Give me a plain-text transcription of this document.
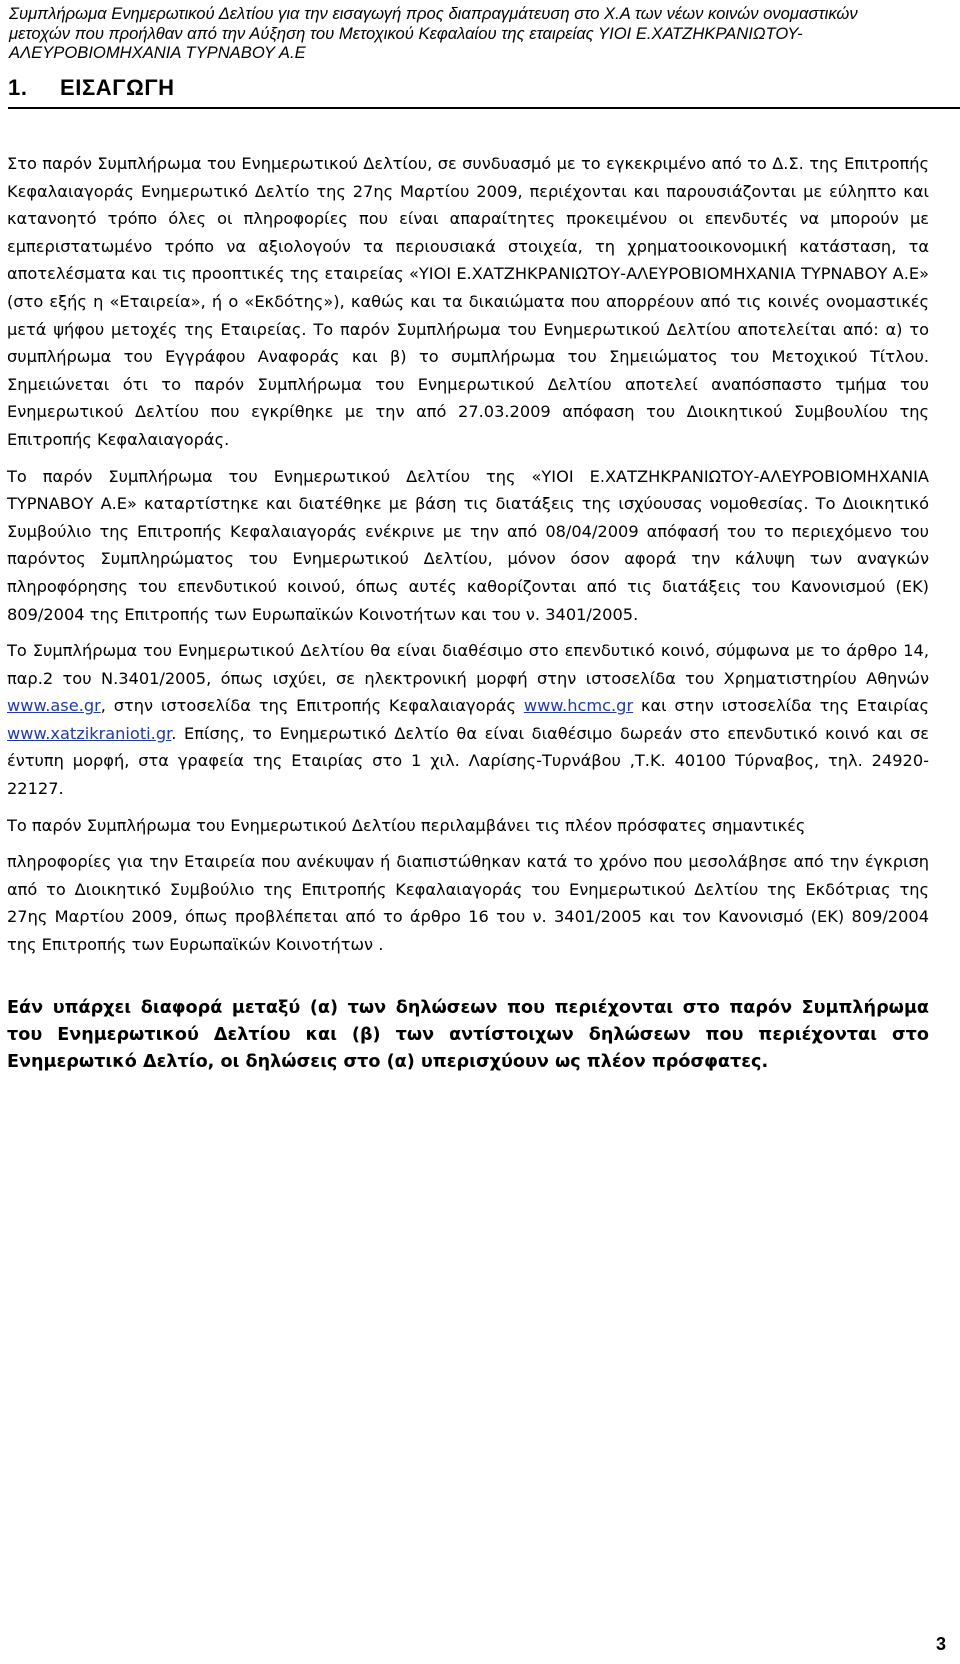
Συμπλήρωμα Ενημερωτικού Δελτίου για την εισαγωγή προς διαπραγμάτευση στο Χ.Α των νέων κοινών ονομαστικών μετοχών που προήλθαν από την Αύξηση του Μετοχικού Κεφαλαίου της εταιρείας ΥΙΟΙ Ε.ΧΑΤΖΗΚΡΑΝΙΩΤΟΥ-ΑΛΕΥΡΟΒΙΟΜΗΧΑΝΙΑ ΤΥΡΝΑΒΟΥ Α.Ε
1. ΕΙΣΑΓΩΓΗ

Στο παρόν Συμπλήρωμα του Ενημερωτικού Δελτίου, σε συνδυασμό με το εγκεκριμένο από το Δ.Σ. της Επιτροπής Κεφαλαιαγοράς Ενημερωτικό Δελτίο της 27ης Μαρτίου 2009, περιέχονται και παρουσιάζονται με εύληπτο και κατανοητό τρόπο όλες οι πληροφορίες που είναι απαραίτητες προκειμένου οι επενδυτές να μπορούν με εμπεριστατωμένο τρόπο να αξιολογούν τα περιουσιακά στοιχεία, τη χρηματοοικονομική κατάσταση, τα αποτελέσματα και τις προοπτικές της εταιρείας «ΥΙΟΙ Ε.ΧΑΤΖΗΚΡΑΝΙΩΤΟΥ-ΑΛΕΥΡΟΒΙΟΜΗΧΑΝΙΑ ΤΥΡΝΑΒΟΥ Α.Ε» (στο εξής η «Εταιρεία», ή ο «Εκδότης»), καθώς και τα δικαιώματα που απορρέουν από τις κοινές ονομαστικές μετά ψήφου μετοχές της Εταιρείας. Το παρόν Συμπλήρωμα του Ενημερωτικού Δελτίου αποτελείται από: α) το συμπλήρωμα του Εγγράφου Αναφοράς και β) το συμπλήρωμα του Σημειώματος του Μετοχικού Τίτλου. Σημειώνεται ότι το παρόν Συμπλήρωμα του Ενημερωτικού Δελτίου αποτελεί αναπόσπαστο τμήμα του Ενημερωτικού Δελτίου που εγκρίθηκε με την από 27.03.2009 απόφαση του Διοικητικού Συμβουλίου της Επιτροπής Κεφαλαιαγοράς.

Το παρόν Συμπλήρωμα του Ενημερωτικού Δελτίου της «ΥΙΟΙ Ε.ΧΑΤΖΗΚΡΑΝΙΩΤΟΥ-ΑΛΕΥΡΟΒΙΟΜΗΧΑΝΙΑ ΤΥΡΝΑΒΟΥ Α.Ε» καταρτίστηκε και διατέθηκε με βάση τις διατάξεις της ισχύουσας νομοθεσίας. Το Διοικητικό Συμβούλιο της Επιτροπής Κεφαλαιαγοράς ενέκρινε με την από 08/04/2009 απόφασή του το περιεχόμενο του παρόντος Συμπληρώματος του Ενημερωτικού Δελτίου, μόνον όσον αφορά την κάλυψη των αναγκών πληροφόρησης του επενδυτικού κοινού, όπως αυτές καθορίζονται από τις διατάξεις του Κανονισμού (ΕΚ) 809/2004 της Επιτροπής των Ευρωπαϊκών Κοινοτήτων και του ν. 3401/2005.

Το Συμπλήρωμα του Ενημερωτικού Δελτίου θα είναι διαθέσιμο στο επενδυτικό κοινό, σύμφωνα με το άρθρο 14, παρ.2 του Ν.3401/2005, όπως ισχύει, σε ηλεκτρονική μορφή στην ιστοσελίδα του Χρηματιστηρίου Αθηνών www.ase.gr, στην ιστοσελίδα της Επιτροπής Κεφαλαιαγοράς www.hcmc.gr και στην ιστοσελίδα της Εταιρίας www.xatzikranioti.gr. Επίσης, το Ενημερωτικό Δελτίο θα είναι διαθέσιμο δωρεάν στο επενδυτικό κοινό και σε έντυπη μορφή, στα γραφεία της Εταιρίας στο 1 χιλ. Λαρίσης-Τυρνάβου ,Τ.Κ. 40100 Τύρναβος, τηλ. 24920-22127.

Το παρόν Συμπλήρωμα του Ενημερωτικού Δελτίου περιλαμβάνει τις πλέον πρόσφατες σημαντικές

πληροφορίες για την Εταιρεία που ανέκυψαν ή διαπιστώθηκαν κατά το χρόνο που μεσολάβησε από την έγκριση από το Διοικητικό Συμβούλιο της Επιτροπής Κεφαλαιαγοράς του Ενημερωτικού Δελτίου της Εκδότριας της 27ης Μαρτίου 2009, όπως προβλέπεται από το άρθρο 16 του ν. 3401/2005 και τον Κανονισμό (ΕΚ) 809/2004 της Επιτροπής των Ευρωπαϊκών Κοινοτήτων .

Εάν υπάρχει διαφορά μεταξύ (α) των δηλώσεων που περιέχονται στο παρόν Συμπλήρωμα του Ενημερωτικού Δελτίου και (β) των αντίστοιχων δηλώσεων που περιέχονται στο Ενημερωτικό Δελτίο, οι δηλώσεις στο (α) υπερισχύουν ως πλέον πρόσφατες.

3
